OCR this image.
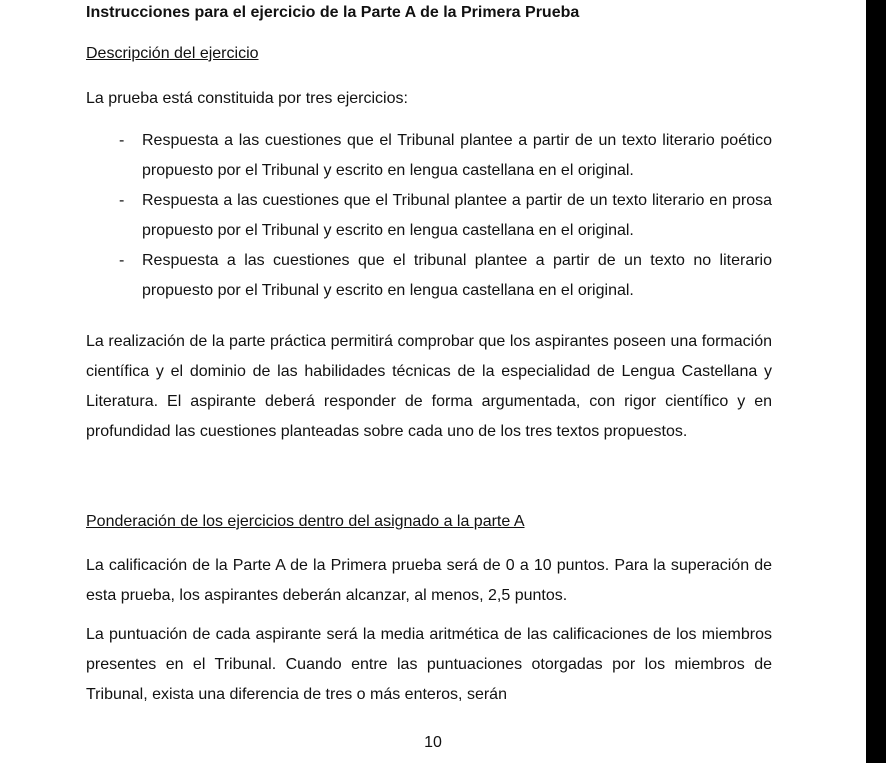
Instrucciones para el ejercicio de la Parte A de la Primera Prueba
Descripción del ejercicio
La prueba está constituida por tres ejercicios:
- Respuesta a las cuestiones que el Tribunal plantee a partir de un texto literario poético propuesto por el Tribunal y escrito en lengua castellana en el original.
- Respuesta a las cuestiones que el Tribunal plantee a partir de un texto literario en prosa propuesto por el Tribunal y escrito en lengua castellana en el original.
- Respuesta a las cuestiones que el tribunal plantee a partir de un texto no literario propuesto por el Tribunal y escrito en lengua castellana en el original.
La realización de la parte práctica permitirá comprobar que los aspirantes poseen una formación científica y el dominio de las habilidades técnicas de la especialidad de Lengua Castellana y Literatura. El aspirante deberá responder de forma argumentada, con rigor científico y en profundidad las cuestiones planteadas sobre cada uno de los tres textos propuestos.
Ponderación de los ejercicios dentro del asignado a la parte A
La calificación de la Parte A de la Primera prueba será de 0 a 10 puntos. Para la superación de esta prueba, los aspirantes deberán alcanzar, al menos, 2,5 puntos.
La puntuación de cada aspirante será la media aritmética de las calificaciones de los miembros presentes en el Tribunal. Cuando entre las puntuaciones otorgadas por los miembros de Tribunal, exista una diferencia de tres o más enteros, serán
10
